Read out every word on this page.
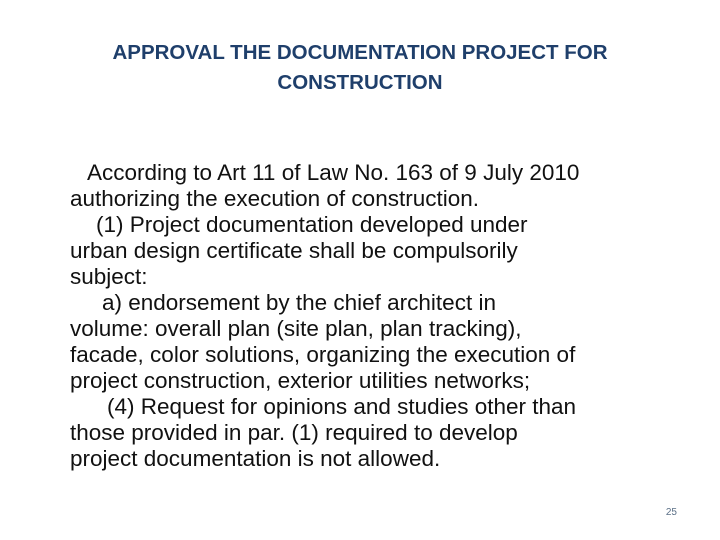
APPROVAL THE DOCUMENTATION PROJECT FOR
CONSTRUCTION
According to Art 11 of Law No. 163 of 9 July 2010
authorizing the execution of construction.
(1) Project documentation developed under
urban design certificate shall be compulsorily
subject:
a) endorsement by the chief architect in
volume: overall plan (site plan, plan tracking),
facade, color solutions, organizing the execution of
project construction, exterior utilities networks;
(4) Request for opinions and studies other than
those provided in par. (1) required to develop
project documentation is not allowed.
25
